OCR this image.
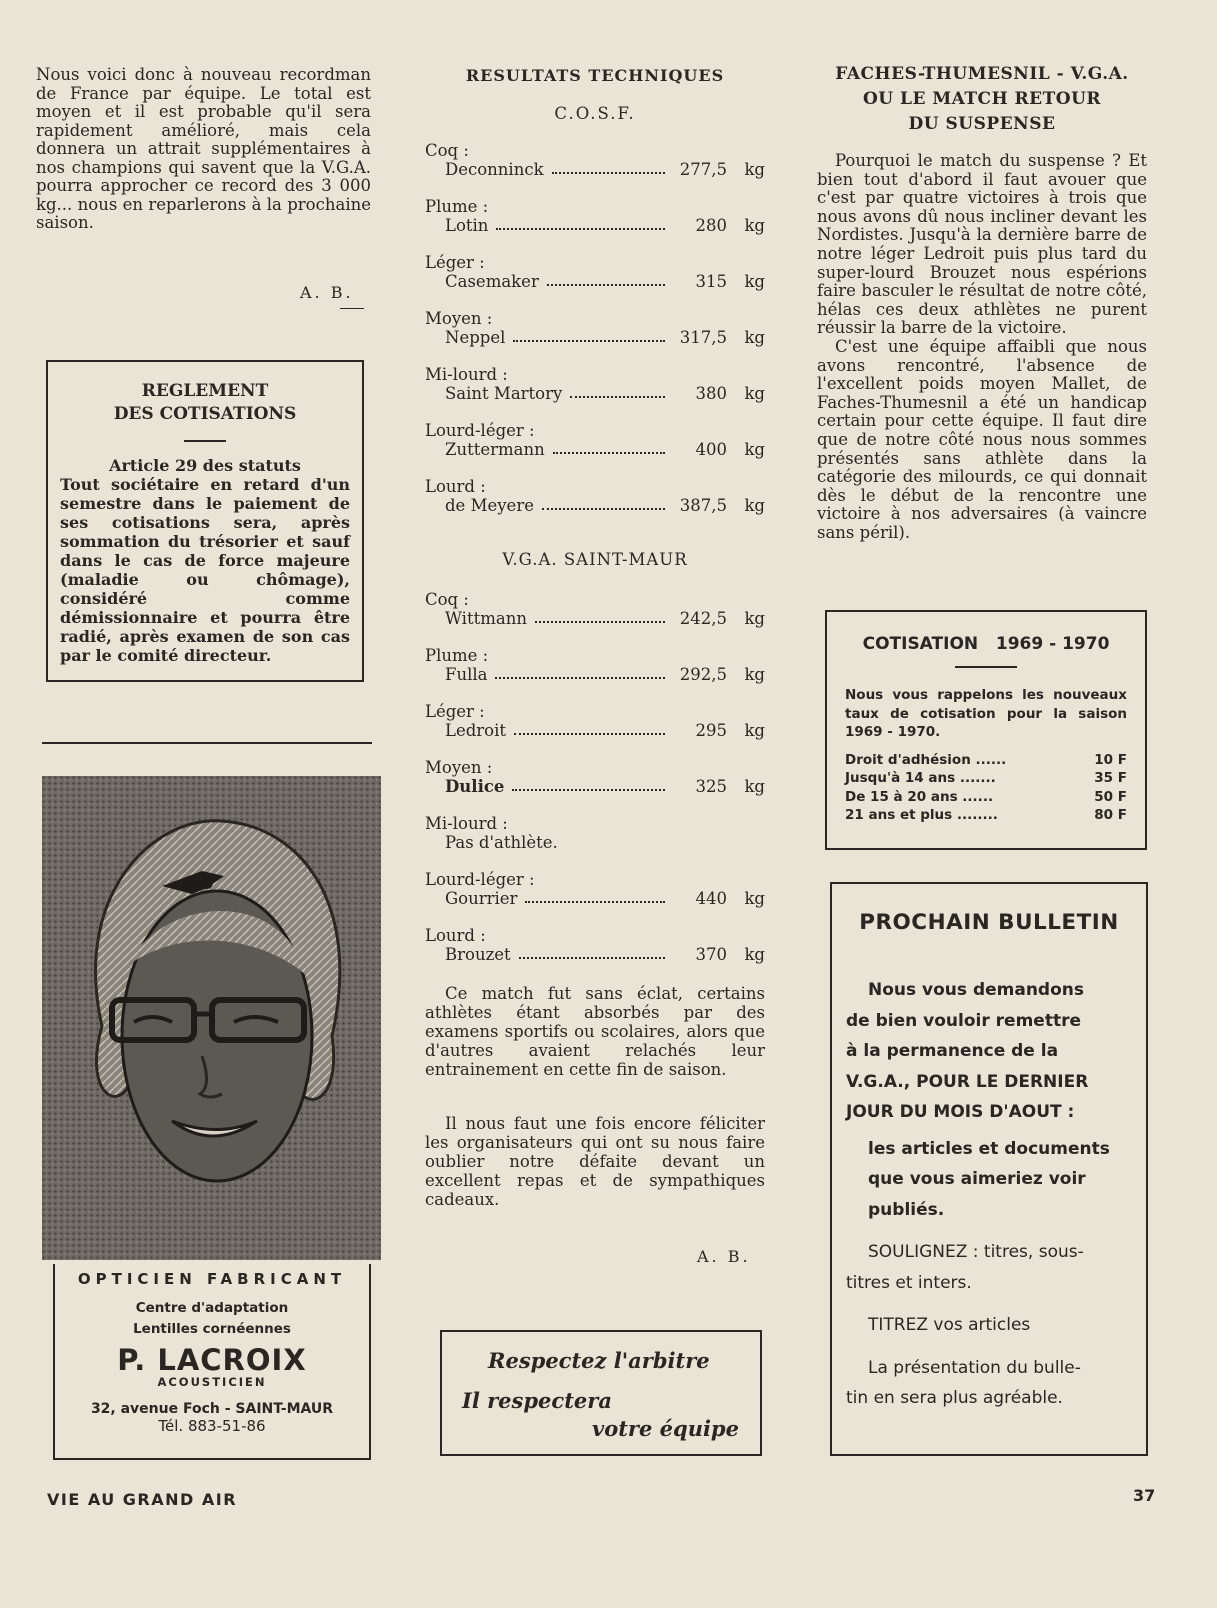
Nous voici donc à nouveau recordman de France par équipe. Le total est moyen et il est probable qu'il sera rapidement amélioré, mais cela donnera un attrait supplémentaires à nos champions qui savent que la V.G.A. pourra approcher ce record des 3 000 kg... nous en reparlerons à la prochaine saison.

A. B.
REGLEMENT
DES COTISATIONS
Article 29 des statuts

Tout sociétaire en retard d'un semestre dans le paiement de ses cotisations sera, après sommation du trésorier et sauf dans le cas de force majeure (maladie ou chômage), considéré comme démissionnaire et pourra être radié, après examen de son cas par le comité directeur.

OPTICIEN FABRICANT
Centre d'adaptation
Lentilles cornéennes
P. LACROIX
ACOUSTICIEN
32, avenue Foch - SAINT-MAUR
Tél. 883-51-86
RESULTATS TECHNIQUES
C.O.S.F.
Coq :
Deconninck	277,5	kg
Plume :
Lotin	280	kg
Léger :
Casemaker	315	kg
Moyen :
Neppel	317,5	kg
Mi-lourd :
Saint Martory	380	kg
Lourd-léger :
Zuttermann	400	kg
Lourd :
de Meyere	387,5	kg
V.G.A. SAINT-MAUR
Coq :
Wittmann	242,5	kg
Plume :
Fulla	292,5	kg
Léger :
Ledroit	295	kg
Moyen :
Dulice	325	kg
Mi-lourd :
Pas d'athlète.
Lourd-léger :
Gourrier	440	kg
Lourd :
Brouzet	370	kg

Ce match fut sans éclat, certains athlètes étant absorbés par des examens sportifs ou scolaires, alors que d'autres avaient relachés leur entrainement en cette fin de saison.

Il nous faut une fois encore féliciter les organisateurs qui ont su nous faire oublier notre défaite devant un excellent repas et de sympathiques cadeaux.

A. B.
Respectez l'arbitre
Il respectera
votre équipe
FACHES-THUMESNIL - V.G.A.
OU LE MATCH RETOUR
DU SUSPENSE

Pourquoi le match du suspense ? Et bien tout d'abord il faut avouer que c'est par quatre victoires à trois que nous avons dû nous incliner devant les Nordistes. Jusqu'à la dernière barre de notre léger Ledroit puis plus tard du super-lourd Brouzet nous espérions faire basculer le résultat de notre côté, hélas ces deux athlètes ne purent réussir la barre de la victoire.

C'est une équipe affaibli que nous avons rencontré, l'absence de l'excellent poids moyen Mallet, de Faches-Thumesnil a été un handicap certain pour cette équipe. Il faut dire que de notre côté nous nous sommes présentés sans athlète dans la catégorie des milourds, ce qui donnait dès le début de la rencontre une victoire à nos adversaires (à vaincre sans péril).

COTISATION   1969 - 1970

Nous vous rappelons les nouveaux taux de cotisation pour la saison 1969 - 1970.

Droit d'adhésion ......	10 F
Jusqu'à 14 ans .......	35 F
De 15 à 20 ans ......	50 F
21 ans et plus ........	80 F
PROCHAIN BULLETIN
Nous vous demandons
de bien vouloir remettre
à la permanence de la
V.G.A., POUR LE DERNIER
JOUR DU MOIS D'AOUT :
les articles et documents
que vous aimeriez voir
publiés.
SOULIGNEZ : titres, sous-
titres et inters.
TITREZ vos articles
La présentation du bulle-
tin en sera plus agréable.
VIE AU GRAND AIR	37
